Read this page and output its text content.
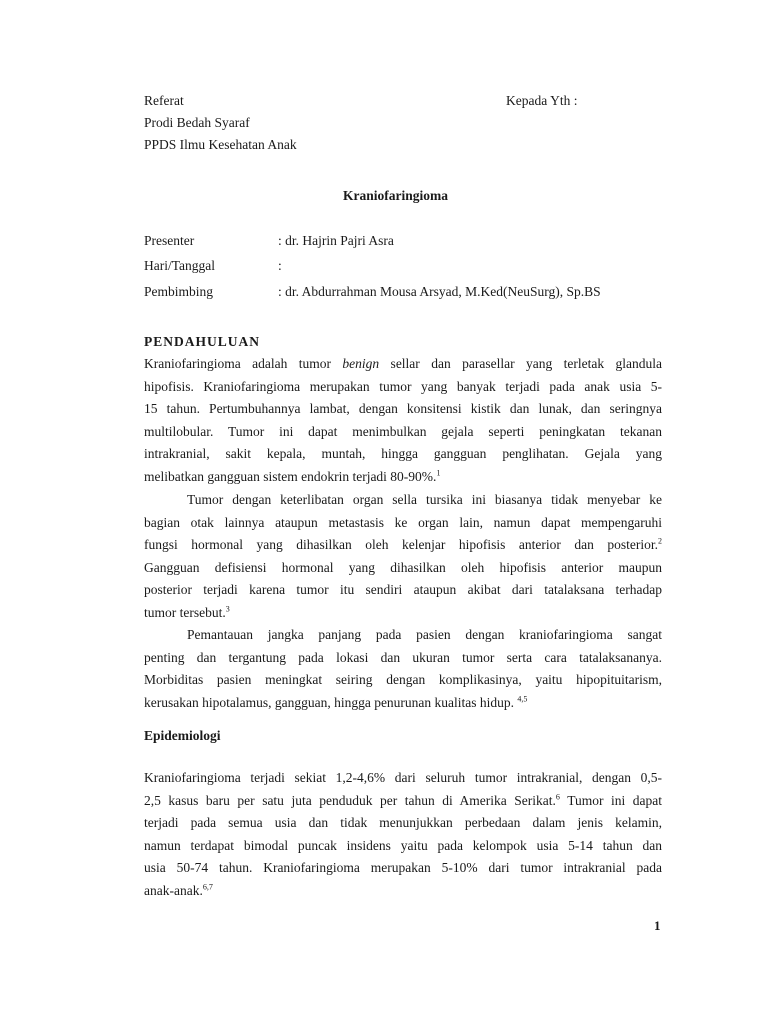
Referat	Kepada Yth :
Prodi Bedah Syaraf
PPDS Ilmu Kesehatan Anak
Kraniofaringioma
Presenter	: dr. Hajrin Pajri Asra
Hari/Tanggal	:
Pembimbing	: dr. Abdurrahman Mousa Arsyad, M.Ked(NeuSurg), Sp.BS
PENDAHULUAN
Kraniofaringioma adalah tumor benign sellar dan parasellar yang terletak glandula
hipofisis. Kraniofaringioma merupakan tumor yang banyak terjadi pada anak usia 5-
15 tahun. Pertumbuhannya lambat, dengan konsitensi kistik dan lunak, dan seringnya
multilobular. Tumor ini dapat menimbulkan gejala seperti peningkatan tekanan
intrakranial, sakit kepala, muntah, hingga gangguan penglihatan. Gejala yang
melibatkan gangguan sistem endokrin terjadi 80-90%.$^1$
Tumor dengan keterlibatan organ sella tursika ini biasanya tidak menyebar ke
bagian otak lainnya ataupun metastasis ke organ lain, namun dapat mempengaruhi
fungsi hormonal yang dihasilkan oleh kelenjar hipofisis anterior dan posterior.$^2$
Gangguan defisiensi hormonal yang dihasilkan oleh hipofisis anterior maupun
posterior terjadi karena tumor itu sendiri ataupun akibat dari tatalaksana terhadap
tumor tersebut.$^3$
Pemantauan jangka panjang pada pasien dengan kraniofaringioma sangat
penting dan tergantung pada lokasi dan ukuran tumor serta cara tatalaksananya.
Morbiditas pasien meningkat seiring dengan komplikasinya, yaitu hipopituitarism,
kerusakan hipotalamus, gangguan, hingga penurunan kualitas hidup. $^{4,5}$
Epidemiologi
Kraniofaringioma terjadi sekiat 1,2-4,6% dari seluruh tumor intrakranial, dengan 0,5-
2,5 kasus baru per satu juta penduduk per tahun di Amerika Serikat.$^6$ Tumor ini dapat
terjadi pada semua usia dan tidak menunjukkan perbedaan dalam jenis kelamin,
namun terdapat bimodal puncak insidens yaitu pada kelompok usia 5-14 tahun dan
usia 50-74 tahun. Kraniofaringioma merupakan 5-10% dari tumor intrakranial pada
anak-anak.$^{6,7}$
1
